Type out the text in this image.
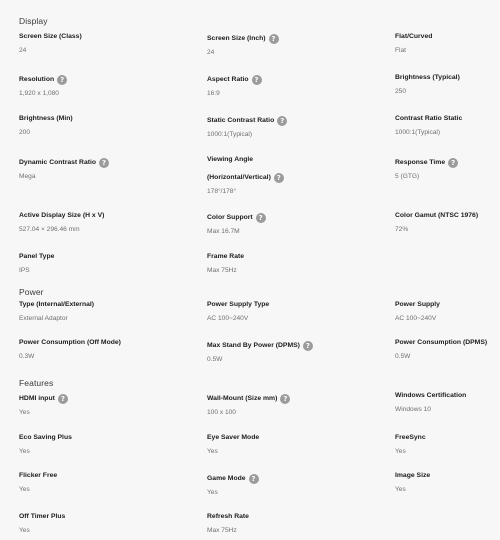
Display
Screen Size (Class)
24
Screen Size (Inch) ?
24
Flat/Curved
Flat
Resolution ?
1,920 x 1,080
Aspect Ratio ?
16:9
Brightness (Typical)
250
Brightness (Min)
200
Static Contrast Ratio ?
1000:1(Typical)
Contrast Ratio Static
1000:1(Typical)
Dynamic Contrast Ratio ?
Mega
Viewing Angle
(Horizontal/Vertical) ?
178°/178°
Response Time ?
5 (GTG)
Active Display Size (H x V)
527.04 × 296.46 mm
Color Support ?
Max 16.7M
Color Gamut (NTSC 1976)
72%
Panel Type
IPS
Frame Rate
Max 75Hz
Power
Type (Internal/External)
External Adaptor
Power Supply Type
AC 100~240V
Power Supply
AC 100~240V
Power Consumption (Off Mode)
0.3W
Max Stand By Power (DPMS) ?
0.5W
Power Consumption (DPMS)
0.5W
Features
HDMI input ?
Yes
Wall-Mount (Size mm) ?
100 x 100
Windows Certification
Windows 10
Eco Saving Plus
Yes
Eye Saver Mode
Yes
FreeSync
Yes
Flicker Free
Yes
Game Mode ?
Yes
Image Size
Yes
Off Timer Plus
Yes
Refresh Rate
Max 75Hz
